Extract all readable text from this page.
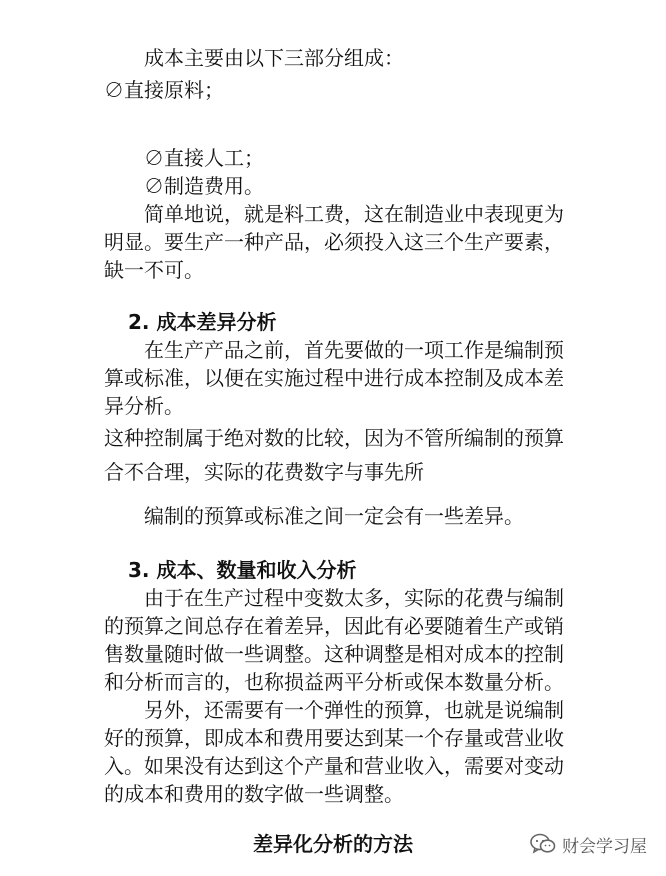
成本主要由以下三部分组成：

∅直接原料；

∅直接人工；

∅制造费用。

简单地说，就是料工费，这在制造业中表现更为

明显。要生产一种产品，必须投入这三个生产要素，

缺一不可。

2. 成本差异分析

在生产产品之前，首先要做的一项工作是编制预

算或标准，以便在实施过程中进行成本控制及成本差

异分析。

这种控制属于绝对数的比较，因为不管所编制的预算

合不合理，实际的花费数字与事先所

编制的预算或标准之间一定会有一些差异。

3. 成本、数量和收入分析

由于在生产过程中变数太多，实际的花费与编制

的预算之间总存在着差异，因此有必要随着生产或销

售数量随时做一些调整。这种调整是相对成本的控制

和分析而言的，也称损益两平分析或保本数量分析。

另外，还需要有一个弹性的预算，也就是说编制

好的预算，即成本和费用要达到某一个存量或营业收

入。如果没有达到这个产量和营业收入，需要对变动

的成本和费用的数字做一些调整。

差异化分析的方法	财会学习屋
